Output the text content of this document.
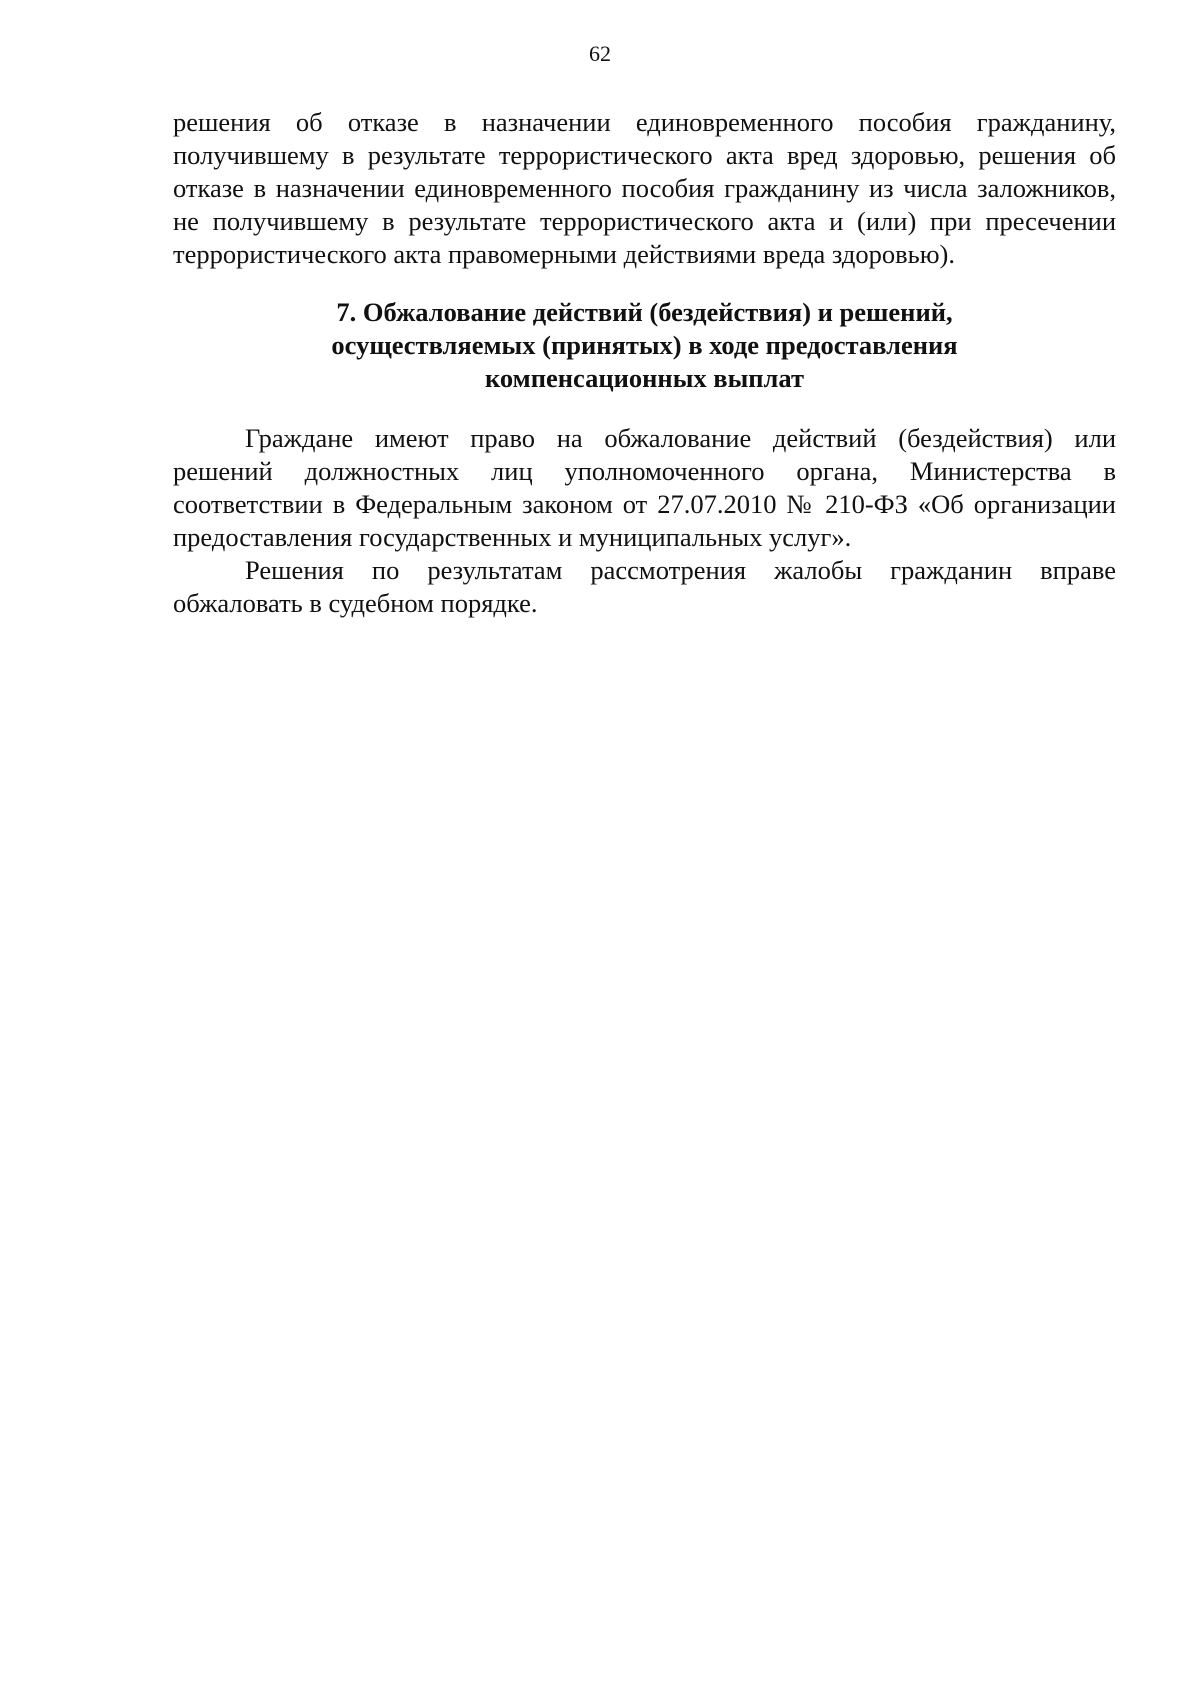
62

решения об отказе в назначении единовременного пособия гражданину, получившему в результате террористического акта вред здоровью, решения об отказе в назначении единовременного пособия гражданину из числа заложников, не получившему в результате террористического акта и (или) при пресечении террористического акта правомерными действиями вреда здоровью).

7. Обжалование действий (бездействия) и решений,
осуществляемых (принятых) в ходе предоставления
компенсационных выплат

Граждане имеют право на обжалование действий (бездействия) или решений должностных лиц уполномоченного органа, Министерства в соответствии в Федеральным законом от 27.07.2010 № 210-ФЗ «Об организации предоставления государственных и муниципальных услуг».

Решения по результатам рассмотрения жалобы гражданин вправе обжаловать в судебном порядке.
